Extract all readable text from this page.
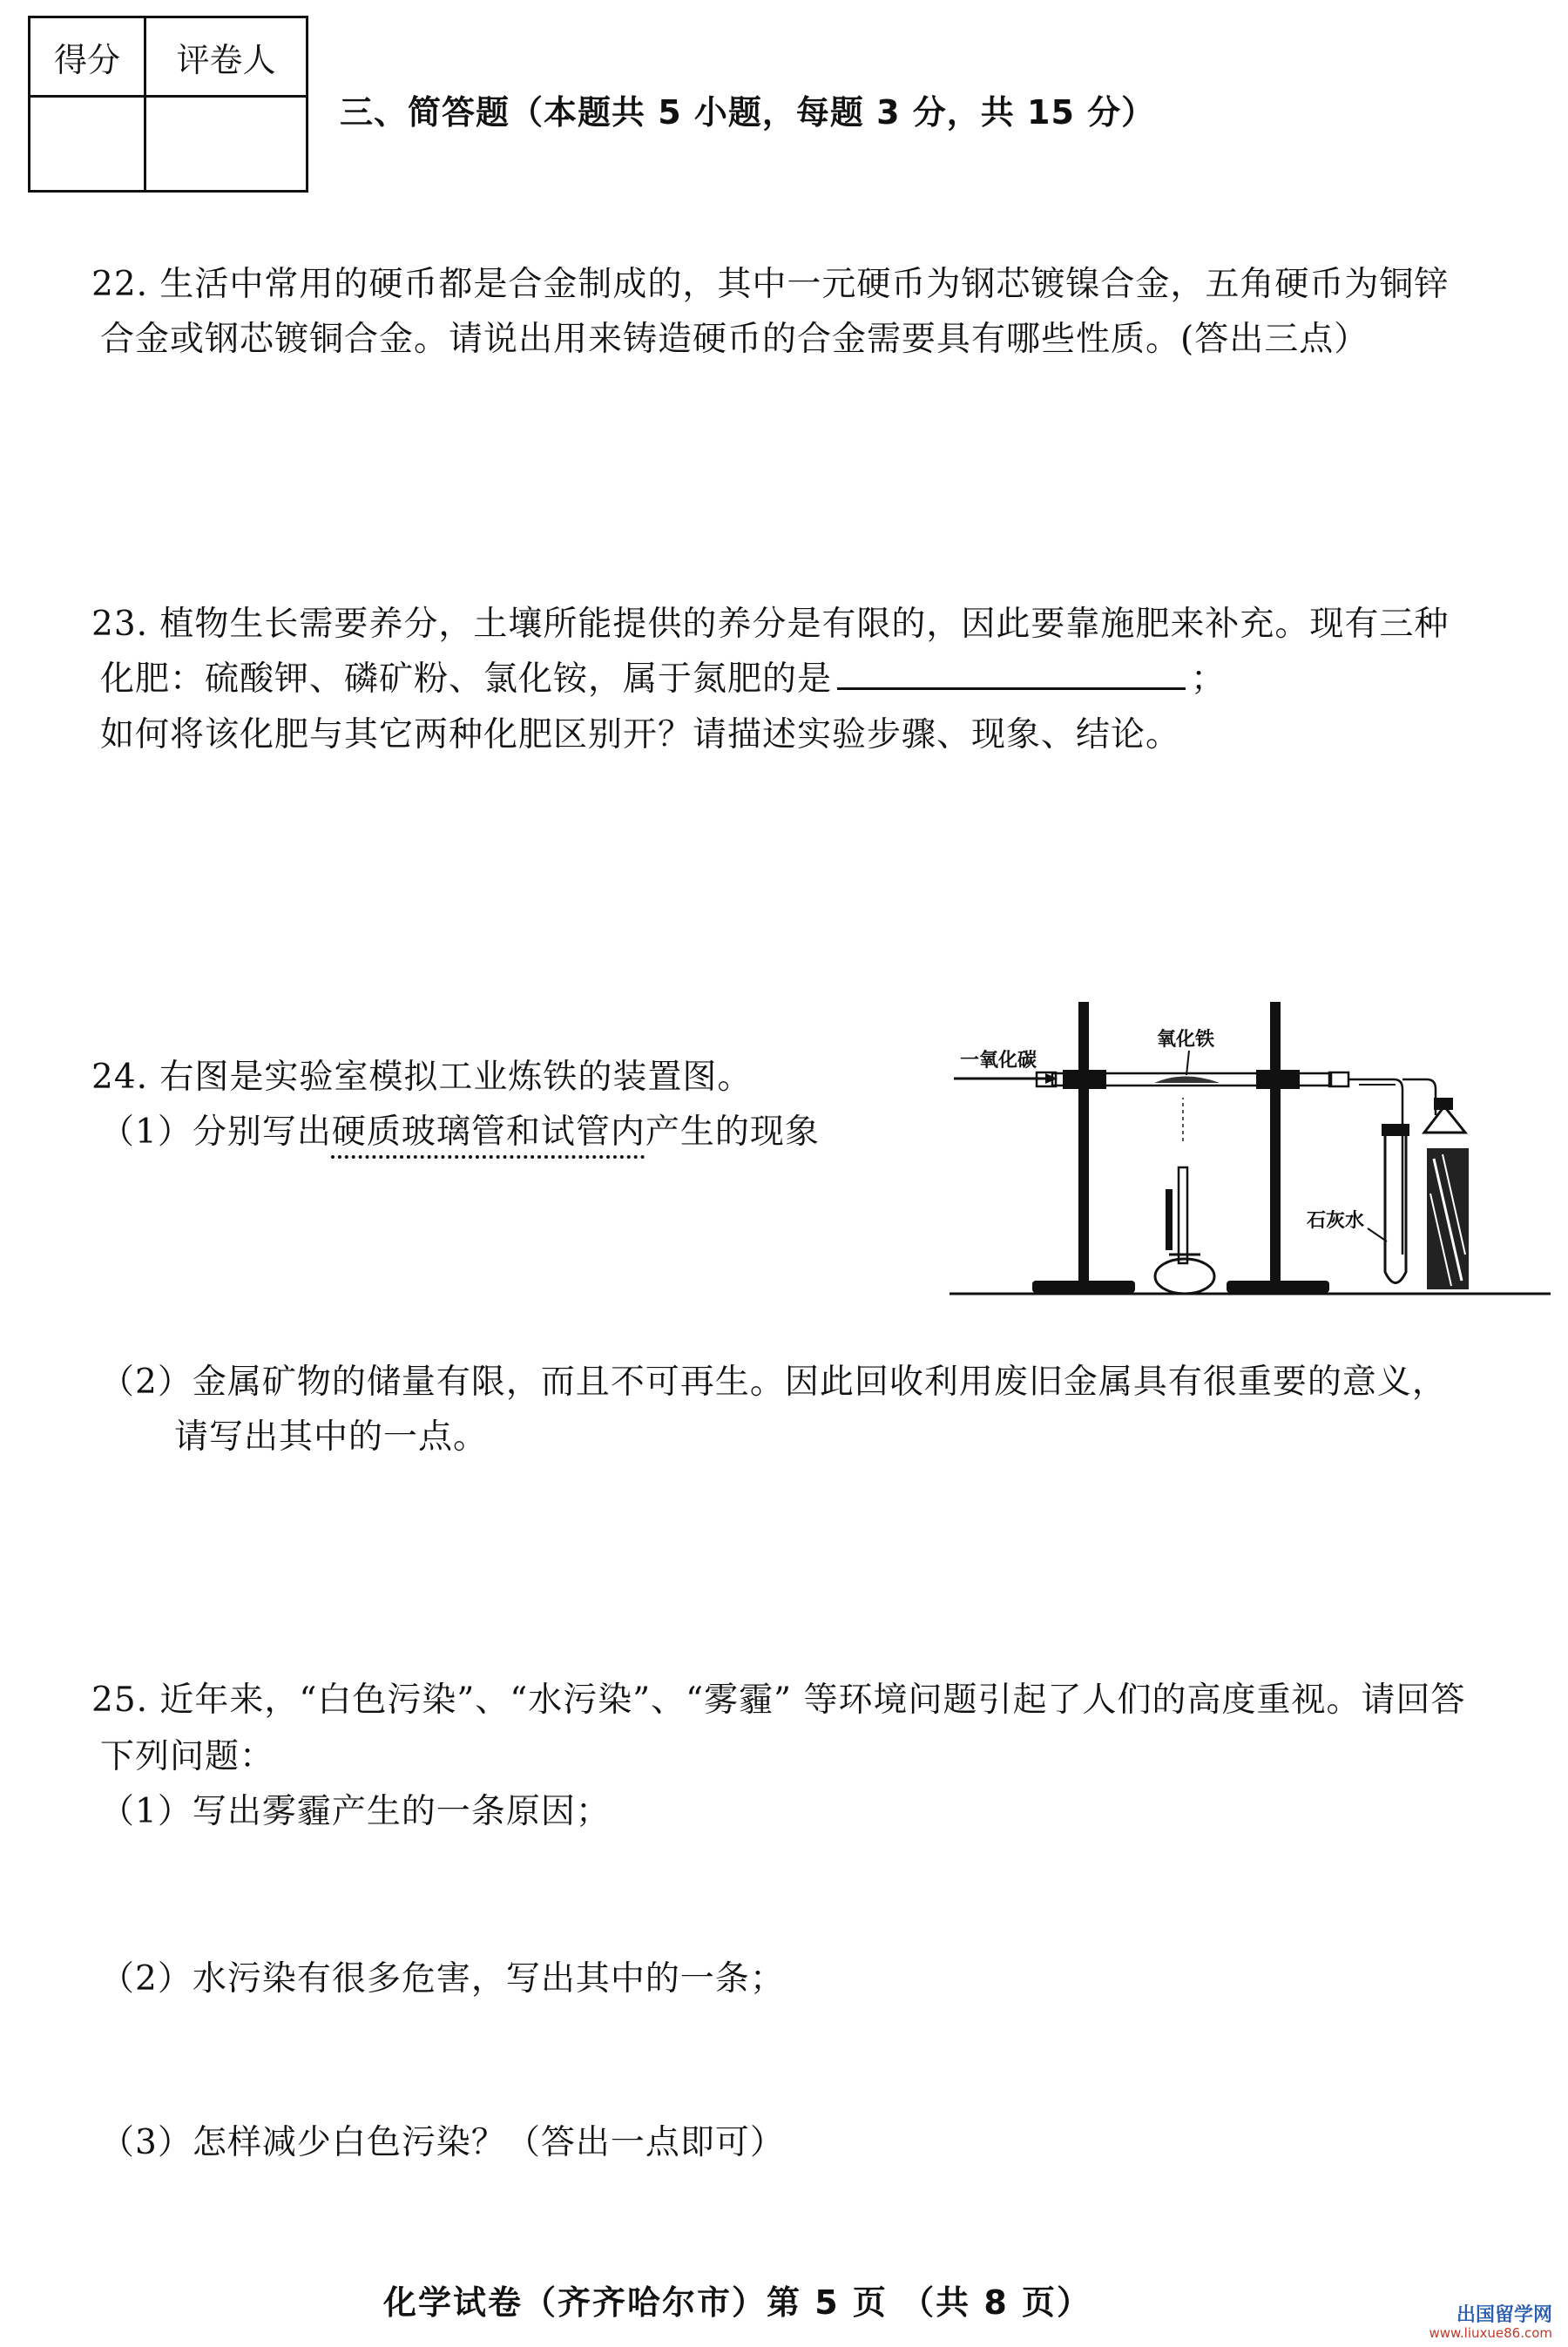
得分	评卷人

三、简答题（本题共 5 小题，每题 3 分，共 15 分）
22. 生活中常用的硬币都是合金制成的，其中一元硬币为钢芯镀镍合金，五角硬币为铜锌
合金或钢芯镀铜合金。请说出用来铸造硬币的合金需要具有哪些性质。(答出三点）
23. 植物生长需要养分，土壤所能提供的养分是有限的，因此要靠施肥来补充。现有三种
化肥：硫酸钾、磷矿粉、氯化铵，属于氮肥的是	；
如何将该化肥与其它两种化肥区别开？请描述实验步骤、现象、结论。
24. 右图是实验室模拟工业炼铁的装置图。
（1）分别写出硬质玻璃管和试管内产生的现象
一氧化碳
氧化铁
石灰水
（2）金属矿物的储量有限，而且不可再生。因此回收利用废旧金属具有很重要的意义，
请写出其中的一点。
25. 近年来，“白色污染”、“水污染”、“雾霾” 等环境问题引起了人们的高度重视。请回答
下列问题：
（1）写出雾霾产生的一条原因；
（2）水污染有很多危害，写出其中的一条；
（3）怎样减少白色污染？（答出一点即可）
化学试卷（齐齐哈尔市）第 5 页 （共 8 页）	出国留学网
www.liuxue86.com
